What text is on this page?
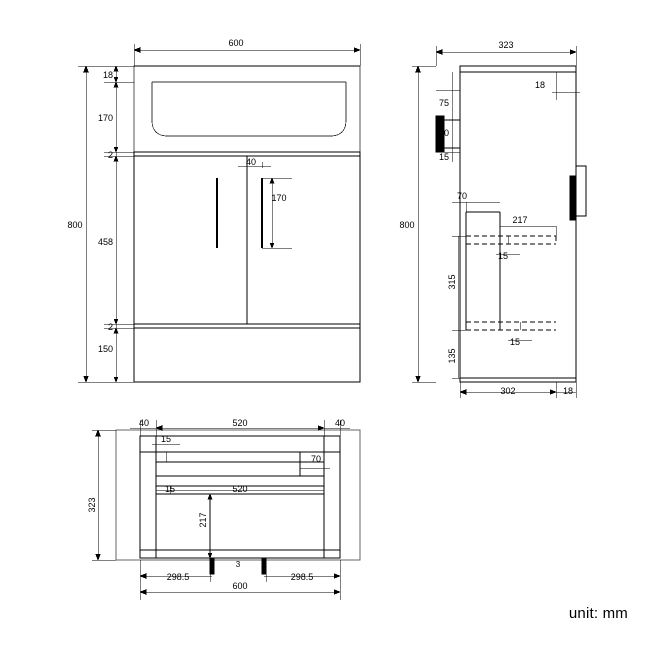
600
800
18
170
2
458
2
150
40
170
323
800
75
90
15
18
70
217
15
315
135
15
302	18
40	520	40
15
70
15	520
217
323
298.5
3
298.5
600
unit: mm
